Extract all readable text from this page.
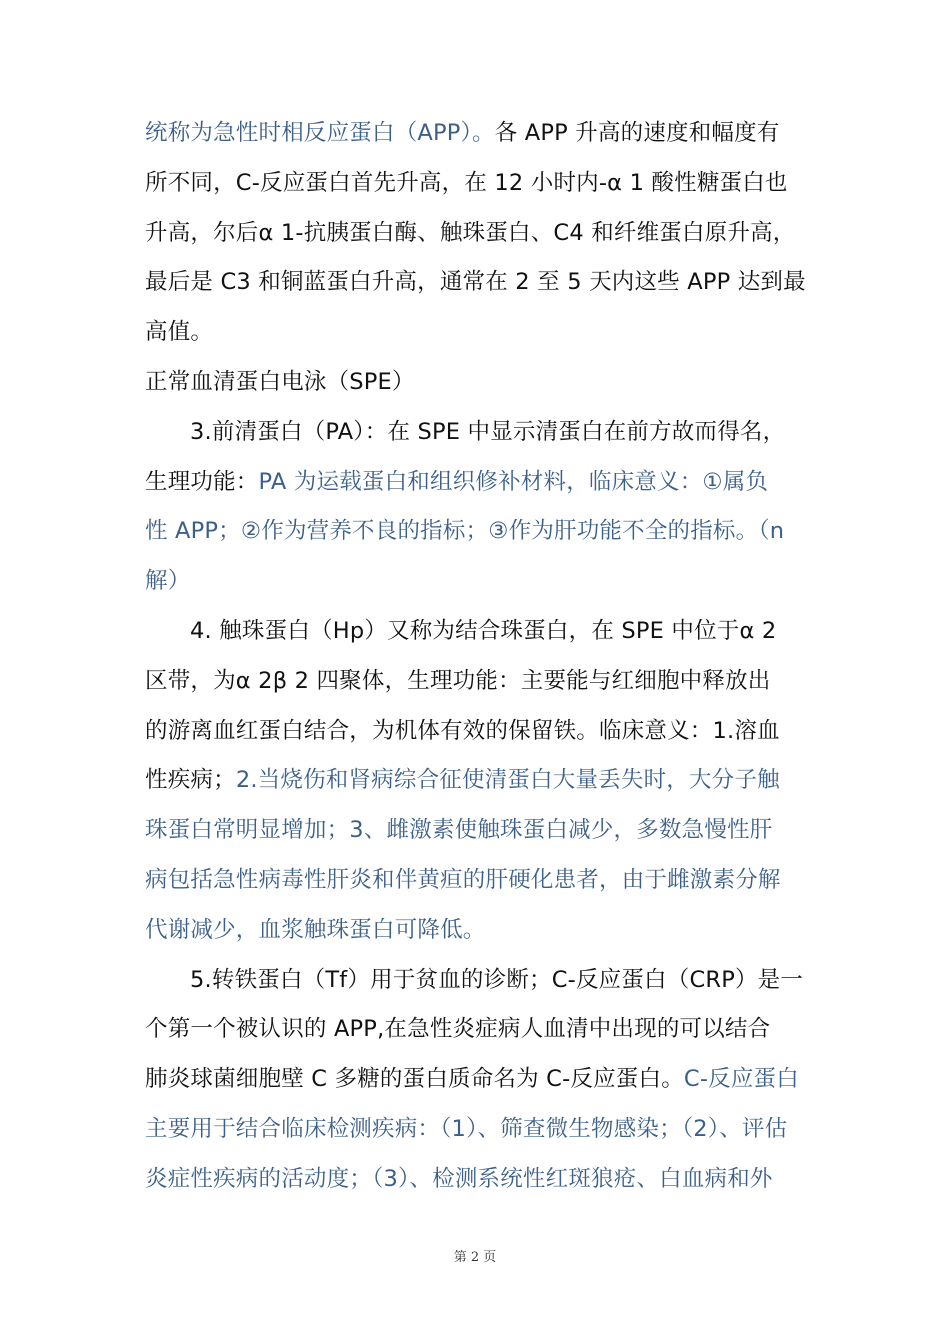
统称为急性时相反应蛋白（APP）。各 APP 升高的速度和幅度有
所不同，C-反应蛋白首先升高，在 12 小时内-α 1 酸性糖蛋白也
升高，尔后α 1-抗胰蛋白酶、触珠蛋白、C4 和纤维蛋白原升高，
最后是 C3 和铜蓝蛋白升高，通常在 2 至 5 天内这些 APP 达到最
高值。
正常血清蛋白电泳（SPE）
3.前清蛋白（PA）：在 SPE 中显示清蛋白在前方故而得名，
生理功能：PA 为运载蛋白和组织修补材料，临床意义：①属负
性 APP；②作为营养不良的指标；③作为肝功能不全的指标。（n
解）
4. 触珠蛋白（Hp）又称为结合珠蛋白，在 SPE 中位于α 2
区带，为α 2β 2 四聚体，生理功能：主要能与红细胞中释放出
的游离血红蛋白结合，为机体有效的保留铁。临床意义：1.溶血
性疾病；2.当烧伤和肾病综合征使清蛋白大量丢失时，大分子触
珠蛋白常明显增加；3、雌激素使触珠蛋白减少，多数急慢性肝
病包括急性病毒性肝炎和伴黄疸的肝硬化患者，由于雌激素分解
代谢减少，血浆触珠蛋白可降低。
5.转铁蛋白（Tf）用于贫血的诊断；C-反应蛋白（CRP）是一
个第一个被认识的 APP,在急性炎症病人血清中出现的可以结合
肺炎球菌细胞壁 C 多糖的蛋白质命名为 C-反应蛋白。C-反应蛋白
主要用于结合临床检测疾病：（1）、筛查微生物感染；（2）、评估
炎症性疾病的活动度；（3）、检测系统性红斑狼疮、白血病和外
第 2 页
